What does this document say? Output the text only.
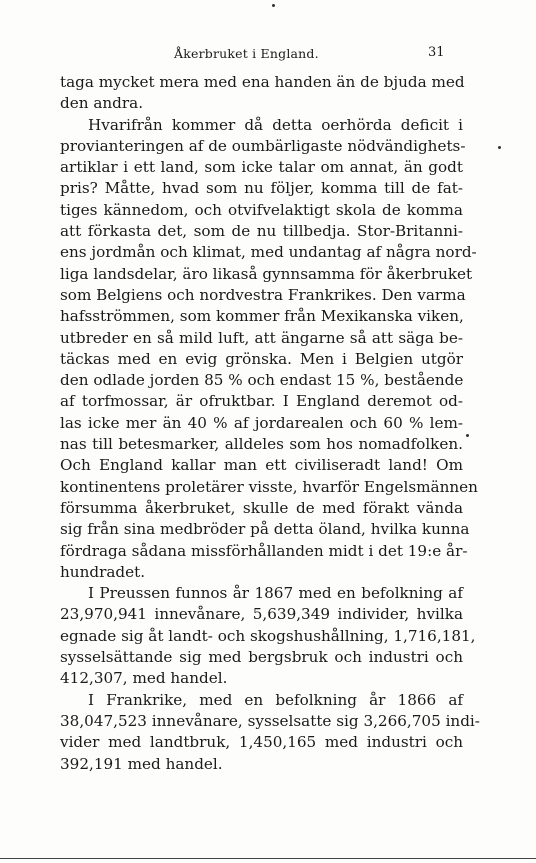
Åkerbruket i England.	31
taga mycket mera med ena handen än de bjuda med
den andra.
Hvarifrån kommer då detta oerhörda deficit i
provianteringen af de oumbärligaste nödvändighets-
artiklar i ett land, som icke talar om annat, än godt
pris? Måtte, hvad som nu följer, komma till de fat-
tiges kännedom, och otvifvelaktigt skola de komma
att förkasta det, som de nu tillbedja. Stor-Britanni-
ens jordmån och klimat, med undantag af några nord-
liga landsdelar, äro likaså gynnsamma för åkerbruket
som Belgiens och nordvestra Frankrikes. Den varma
hafsströmmen, som kommer från Mexikanska viken,
utbreder en så mild luft, att ängarne så att säga be-
täckas med en evig grönska. Men i Belgien utgör
den odlade jorden 85 % och endast 15 %, bestående
af torfmossar, är ofruktbar. I England deremot od-
las icke mer än 40 % af jordarealen och 60 % lem-
nas till betesmarker, alldeles som hos nomadfolken.
Och England kallar man ett civiliseradt land! Om
kontinentens proletärer visste, hvarför Engelsmännen
försumma åkerbruket, skulle de med förakt vända
sig från sina medbröder på detta öland, hvilka kunna
fördraga sådana missförhållanden midt i det 19:e år-
hundradet.
I Preussen funnos år 1867 med en befolkning af
23,970,941 innevånare, 5,639,349 individer, hvilka
egnade sig åt landt- och skogshushållning, 1,716,181,
sysselsättande sig med bergsbruk och industri och
412,307, med handel.
I Frankrike, med en befolkning år 1866 af
38,047,523 innevånare, sysselsatte sig 3,266,705 indi-
vider med landtbruk, 1,450,165 med industri och
392,191 med handel.
